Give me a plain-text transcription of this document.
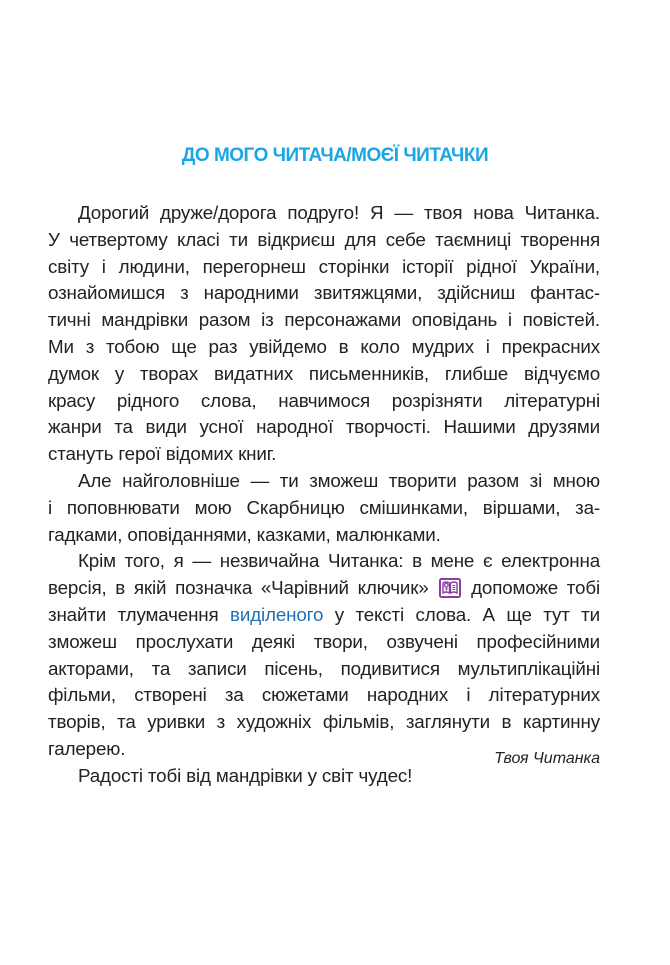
ДО МОГО ЧИТАЧА/МОЄЇ ЧИТАЧКИ
Дорогий друже/дорога подруго! Я — твоя нова Читанка.
У четвертому класі ти відкриєш для себе таємниці творення
світу і людини, перегорнеш сторінки історії рідної України,
ознайомишся з народними звитяжцями, здійсниш фантас-
тичні мандрівки разом із персонажами оповідань і повістей.
Ми з тобою ще раз увійдемо в коло мудрих і прекрасних
думок у творах видатних письменників, глибше відчуємо
красу рідного слова, навчимося розрізняти літературні
жанри та види усної народної творчості. Нашими друзями
стануть герої відомих книг.
Але найголовніше — ти зможеш творити разом зі мною
і поповнювати мою Скарбницю смішинками, віршами, за-
гадками, оповіданнями, казками, малюнками.
Крім того, я — незвичайна Читанка: в мене є електронна
версія, в якій позначка «Чарівний ключик» допоможе тобі
знайти тлумачення виділеного у тексті слова. А ще тут ти
зможеш прослухати деякі твори, озвучені професійними
акторами, та записи пісень, подивитися мультиплікаційні
фільми, створені за сюжетами народних і літературних
творів, та уривки з художніх фільмів, заглянути в картинну
галерею.
Радості тобі від мандрівки у світ чудес!
Твоя Читанка
